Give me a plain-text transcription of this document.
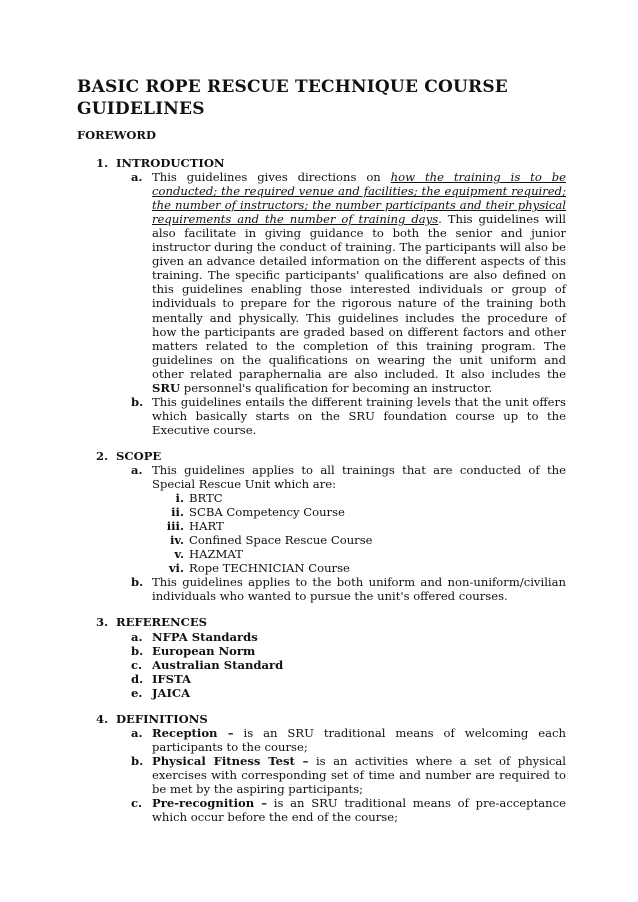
BASIC ROPE RESCUE TECHNIQUE COURSE GUIDELINES
FOREWORD
1. INTRODUCTION
a. This guidelines gives directions on how the training is to be conducted; the required venue and facilities; the equipment required; the number of instructors; the number participants and their physical requirements and the number of training days. This guidelines will also facilitate in giving guidance to both the senior and junior instructor during the conduct of training. The participants will also be given an advance detailed information on the different aspects of this training. The specific participants' qualifications are also defined on this guidelines enabling those interested individuals or group of individuals to prepare for the rigorous nature of the training both mentally and physically. This guidelines includes the procedure of how the participants are graded based on different factors and other matters related to the completion of this training program. The guidelines on the qualifications on wearing the unit uniform and other related paraphernalia are also included. It also includes the SRU personnel's qualification for becoming an instructor.
b. This guidelines entails the different training levels that the unit offers which basically starts on the SRU foundation course up to the Executive course.
2. SCOPE
a. This guidelines applies to all trainings that are conducted of the Special Rescue Unit which are:
i. BRTC
ii. SCBA Competency Course
iii. HART
iv. Confined Space Rescue Course
v. HAZMAT
vi. Rope TECHNICIAN Course
b. This guidelines applies to the both uniform and non-uniform/civilian individuals who wanted to pursue the unit's offered courses.
3. REFERENCES
a. NFPA Standards
b. European Norm
c. Australian Standard
d. IFSTA
e. JAICA
4. DEFINITIONS
a. Reception – is an SRU traditional means of welcoming each participants to the course;
b. Physical Fitness Test – is an activities where a set of physical exercises with corresponding set of time and number are required to be met by the aspiring participants;
c. Pre-recognition – is an SRU traditional means of pre-acceptance which occur before the end of the course;
